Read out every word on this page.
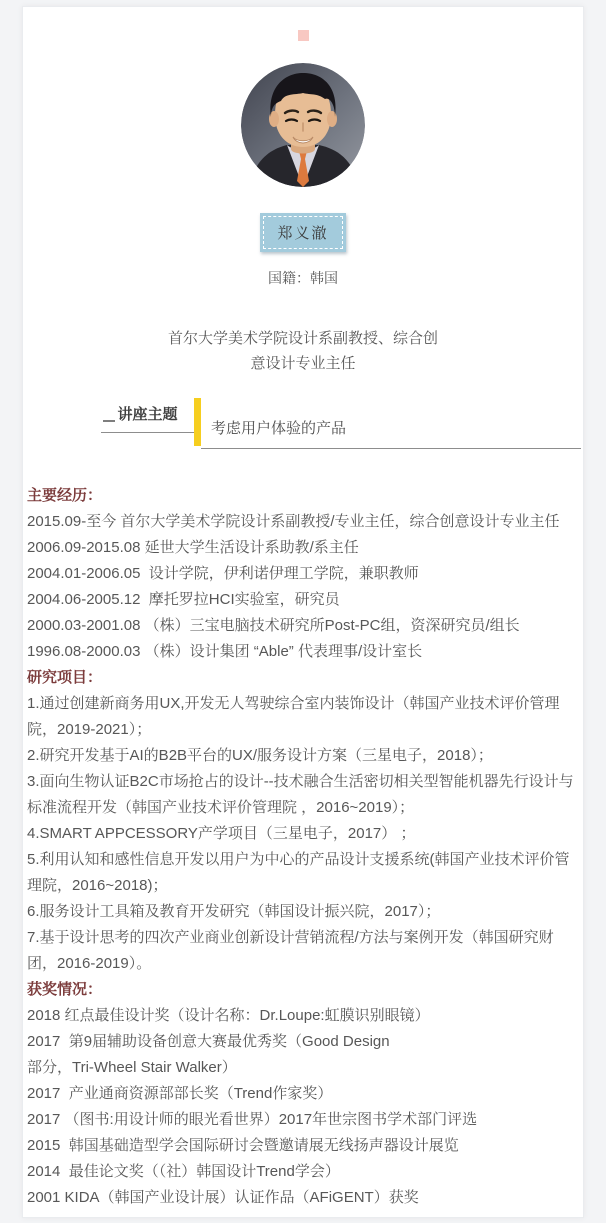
郑义澈
国籍：韩国
首尔大学美术学院设计系副教授、综合创
意设计专业主任
讲座主题
考虑用户体验的产品

主要经历：

2015.09-至今 首尔大学美术学院设计系副教授/专业主任，综合创意设计专业主任

2006.09-2015.08 延世大学生活设计系助教/系主任

2004.01-2006.05  设计学院，伊利诺伊理工学院，兼职教师

2004.06-2005.12  摩托罗拉HCI实验室，研究员

2000.03-2001.08 （株）三宝电脑技术研究所Post-PC组，资深研究员/组长

1996.08-2000.03 （株）设计集团 “Able” 代表理事/设计室长

研究项目：

1.通过创建新商务用UX,开发无人驾驶综合室内装饰设计（韩国产业技术评价管理院，2019-2021）；

2.研究开发基于AI的B2B平台的UX/服务设计方案（三星电子，2018）；

3.面向生物认证B2C市场抢占的设计--技术融合生活密切相关型智能机器先行设计与标准流程开发（韩国产业技术评价管理院 ，2016~2019）；

4.SMART APPCESSORY产学项目（三星电子，2017） ；

5.利用认知和感性信息开发以用户为中心的产品设计支援系统(韩国产业技术评价管理院，2016~2018)；

6.服务设计工具箱及教育开发研究（韩国设计振兴院，2017）；

7.基于设计思考的四次产业商业创新设计营销流程/方法与案例开发（韩国研究财团，2016-2019）。

获奖情况：

2018 红点最佳设计奖（设计名称：Dr.Loupe:虹膜识别眼镜）

2017  第9届辅助设备创意大赛最优秀奖（Good Design

部分，Tri-Wheel Stair Walker）

2017  产业通商资源部部长奖（Trend作家奖）

2017 （图书:用设计师的眼光看世界）2017年世宗图书学术部门评选

2015  韩国基础造型学会国际研讨会暨邀请展无线扬声器设计展览

2014  最佳论文奖（（社）韩国设计Trend学会）

2001 KIDA（韩国产业设计展）认证作品（AFiGENT）获奖
